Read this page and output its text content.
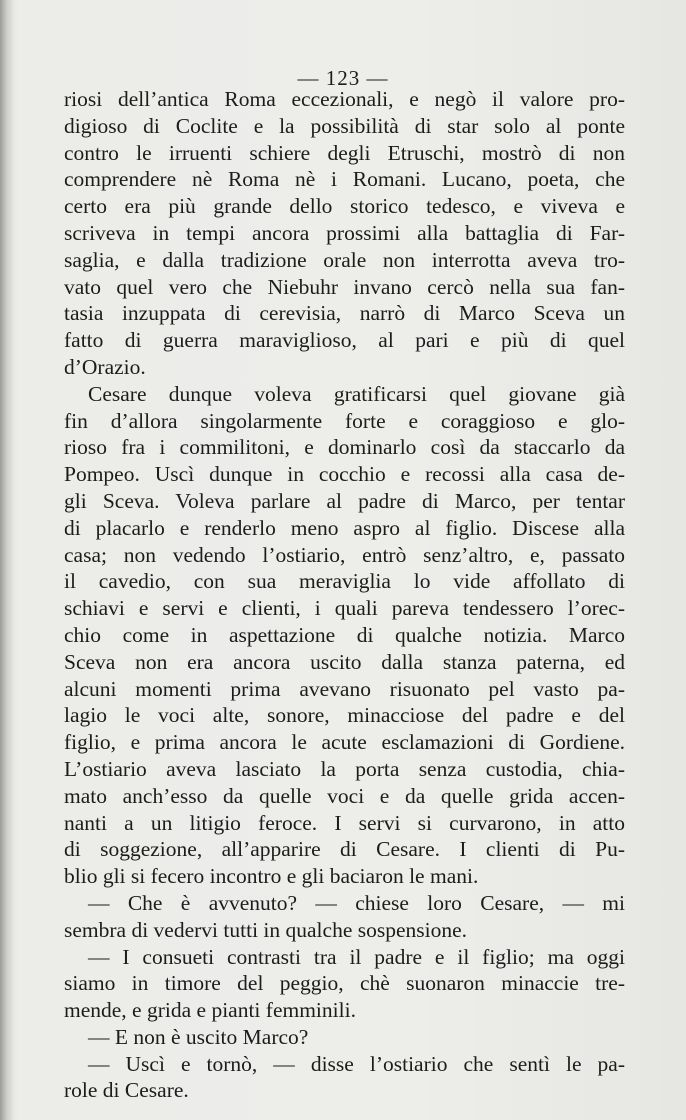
— 123 —
riosi dell’antica Roma eccezionali, e negò il valore pro-
digioso di Coclite e la possibilità di star solo al ponte
contro le irruenti schiere degli Etruschi, mostrò di non
comprendere nè Roma nè i Romani. Lucano, poeta, che
certo era più grande dello storico tedesco, e viveva e
scriveva in tempi ancora prossimi alla battaglia di Far-
saglia, e dalla tradizione orale non interrotta aveva tro-
vato quel vero che Niebuhr invano cercò nella sua fan-
tasia inzuppata di cerevisia, narrò di Marco Sceva un
fatto di guerra maraviglioso, al pari e più di quel
d’Orazio.
Cesare dunque voleva gratificarsi quel giovane già
fin d’allora singolarmente forte e coraggioso e glo-
rioso fra i commilitoni, e dominarlo così da staccarlo da
Pompeo. Uscì dunque in cocchio e recossi alla casa de-
gli Sceva. Voleva parlare al padre di Marco, per tentar
di placarlo e renderlo meno aspro al figlio. Discese alla
casa; non vedendo l’ostiario, entrò senz’altro, e, passato
il cavedio, con sua meraviglia lo vide affollato di
schiavi e servi e clienti, i quali pareva tendessero l’orec-
chio come in aspettazione di qualche notizia. Marco
Sceva non era ancora uscito dalla stanza paterna, ed
alcuni momenti prima avevano risuonato pel vasto pa-
lagio le voci alte, sonore, minacciose del padre e del
figlio, e prima ancora le acute esclamazioni di Gordiene.
L’ostiario aveva lasciato la porta senza custodia, chia-
mato anch’esso da quelle voci e da quelle grida accen-
nanti a un litigio feroce. I servi si curvarono, in atto
di soggezione, all’apparire di Cesare. I clienti di Pu-
blio gli si fecero incontro e gli baciaron le mani.
— Che è avvenuto? — chiese loro Cesare, — mi
sembra di vedervi tutti in qualche sospensione.
— I consueti contrasti tra il padre e il figlio; ma oggi
siamo in timore del peggio, chè suonaron minaccie tre-
mende, e grida e pianti femminili.
— E non è uscito Marco?
— Uscì e tornò, — disse l’ostiario che sentì le pa-
role di Cesare.
